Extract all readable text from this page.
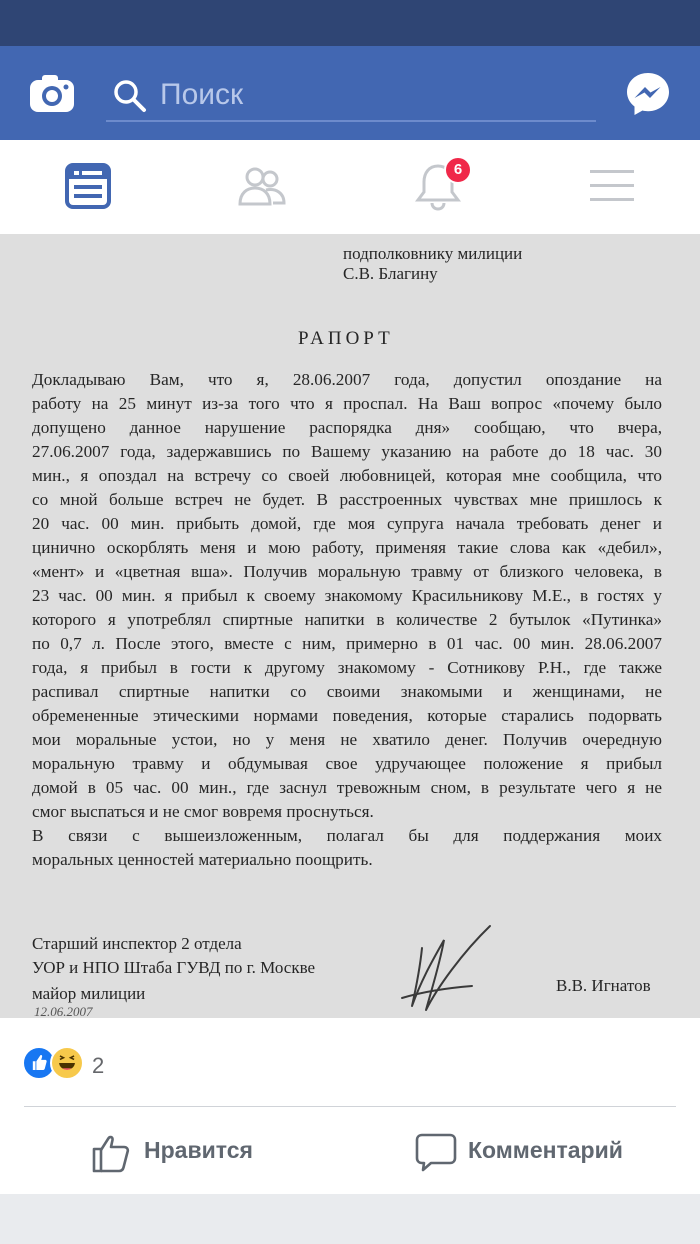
Поиск
6
подполковнику милиции
С.В. Благину
РАПОРТ
Докладываю Вам, что я, 28.06.2007 года, допустил опоздание на
работу на 25 минут из-за того что я проспал. На Ваш вопрос «почему было
допущено данное нарушение распорядка дня» сообщаю, что вчера,
27.06.2007 года, задержавшись по Вашему указанию на работе до 18 час. 30
мин., я опоздал на встречу со своей любовницей, которая мне сообщила, что
со мной больше встреч не будет. В расстроенных чувствах мне пришлось к
20 час. 00 мин. прибыть домой, где моя супруга начала требовать денег и
цинично оскорблять меня и мою работу, применяя такие слова как «дебил»,
«мент» и «цветная вша». Получив моральную травму от близкого человека, в
23 час. 00 мин. я прибыл к своему знакомому Красильникову М.Е., в гостях у
которого я употреблял спиртные напитки в количестве 2 бутылок «Путинка»
по 0,7 л. После этого, вместе с ним, примерно в 01 час. 00 мин. 28.06.2007
года, я прибыл в гости к другому знакомому - Сотникову Р.Н., где также
распивал спиртные напитки со своими знакомыми и женщинами, не
обремененные этическими нормами поведения, которые старались подорвать
мои моральные устои, но у меня не хватило денег. Получив очередную
моральную травму и обдумывая свое удручающее положение я прибыл
домой в 05 час. 00 мин., где заснул тревожным сном, в результате чего я не
смог выспаться и не смог вовремя проснуться.
В связи с вышеизложенным, полагал бы для поддержания моих
моральных ценностей материально поощрить.
Старший инспектор 2 отдела
УОР и НПО Штаба ГУВД по г. Москве
майор милиции
12.06.2007
В.В. Игнатов
2
Нравится	Комментарий
